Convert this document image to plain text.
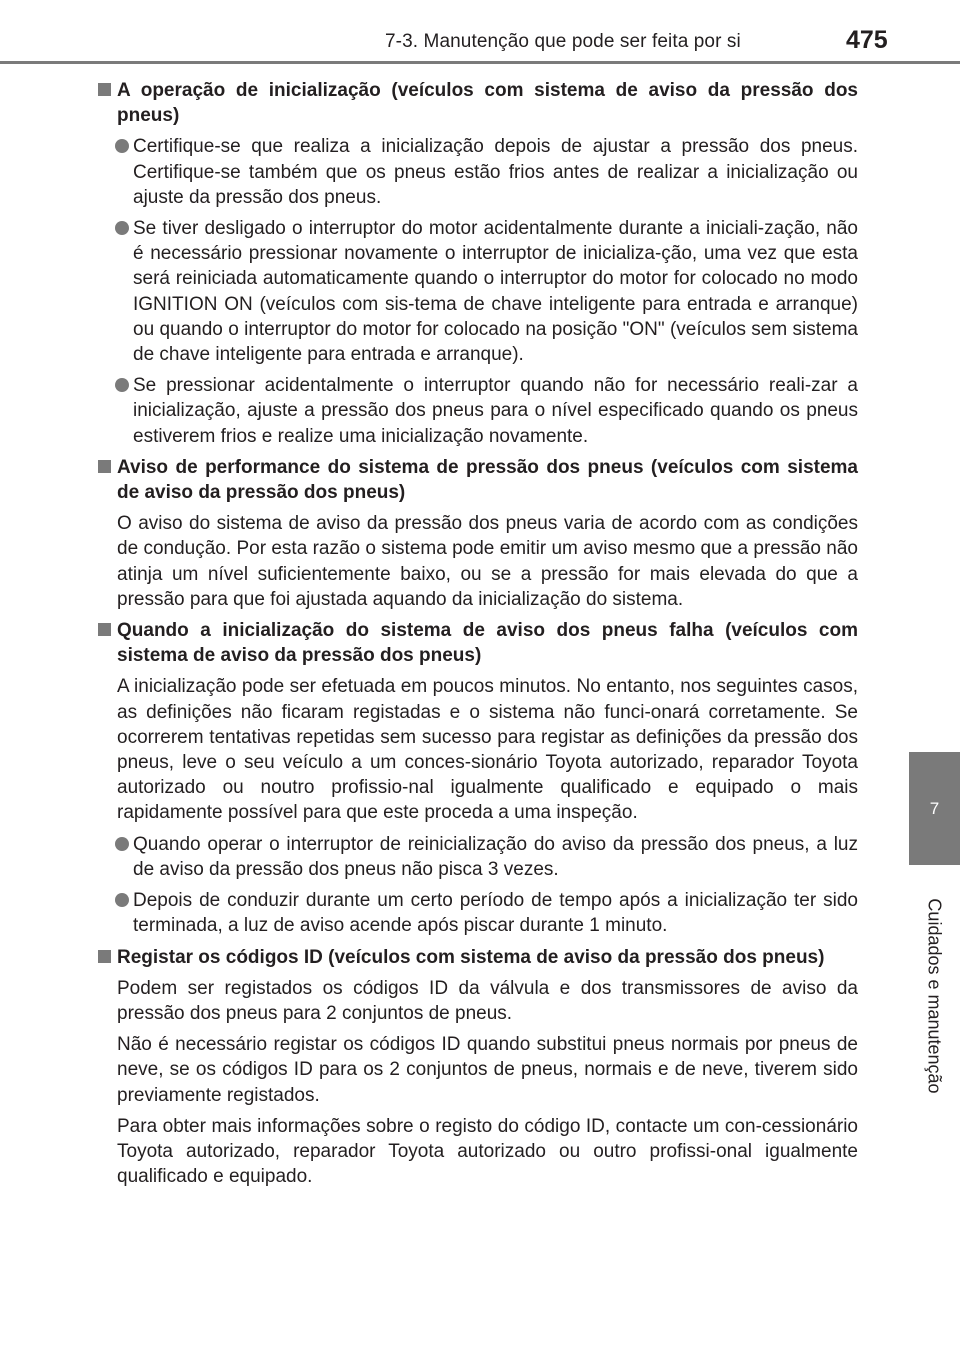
7-3. Manutenção que pode ser feita por si	475
7
Cuidados e manutenção
A operação de inicialização (veículos com sistema de aviso da pressão dos pneus)
Certifique-se que realiza a inicialização depois de ajustar a pressão dos pneus. Certifique-se também que os pneus estão frios antes de realizar a inicialização ou ajuste da pressão dos pneus.
Se tiver desligado o interruptor do motor acidentalmente durante a iniciali-zação, não é necessário pressionar novamente o interruptor de inicializa-ção, uma vez que esta será reiniciada automaticamente quando o interruptor do motor for colocado no modo IGNITION ON (veículos com sis-tema de chave inteligente para entrada e arranque) ou quando o interruptor do motor for colocado na posição "ON" (veículos sem sistema de chave inteligente para entrada e arranque).
Se pressionar acidentalmente o interruptor quando não for necessário reali-zar a inicialização, ajuste a pressão dos pneus para o nível especificado quando os pneus estiverem frios e realize uma inicialização novamente.
Aviso de performance do sistema de pressão dos pneus (veículos com sistema de aviso da pressão dos pneus)
O aviso do sistema de aviso da pressão dos pneus varia de acordo com as condições de condução. Por esta razão o sistema pode emitir um aviso mesmo que a pressão não atinja um nível suficientemente baixo, ou se a pressão for mais elevada do que a pressão para que foi ajustada aquando da inicialização do sistema.
Quando a inicialização do sistema de aviso dos pneus falha (veículos com sistema de aviso da pressão dos pneus)
A inicialização pode ser efetuada em poucos minutos. No entanto, nos seguintes casos, as definições não ficaram registadas e o sistema não funci-onará corretamente. Se ocorrerem tentativas repetidas sem sucesso para registar as definições da pressão dos pneus, leve o seu veículo a um conces-sionário Toyota autorizado, reparador Toyota autorizado ou noutro profissio-nal igualmente qualificado e equipado o mais rapidamente possível para que este proceda a uma inspeção.
Quando operar o interruptor de reinicialização do aviso da pressão dos pneus, a luz de aviso da pressão dos pneus não pisca 3 vezes.
Depois de conduzir durante um certo período de tempo após a inicialização ter sido terminada, a luz de aviso acende após piscar durante 1 minuto.
Registar os códigos ID (veículos com sistema de aviso da pressão dos pneus)
Podem ser registados os códigos ID da válvula e dos transmissores de aviso da pressão dos pneus para 2 conjuntos de pneus.
Não é necessário registar os códigos ID quando substitui pneus normais por pneus de neve, se os códigos ID para os 2 conjuntos de pneus, normais e de neve, tiverem sido previamente registados.
Para obter mais informações sobre o registo do código ID, contacte um con-cessionário Toyota autorizado, reparador Toyota autorizado ou outro profissi-onal igualmente qualificado e equipado.
